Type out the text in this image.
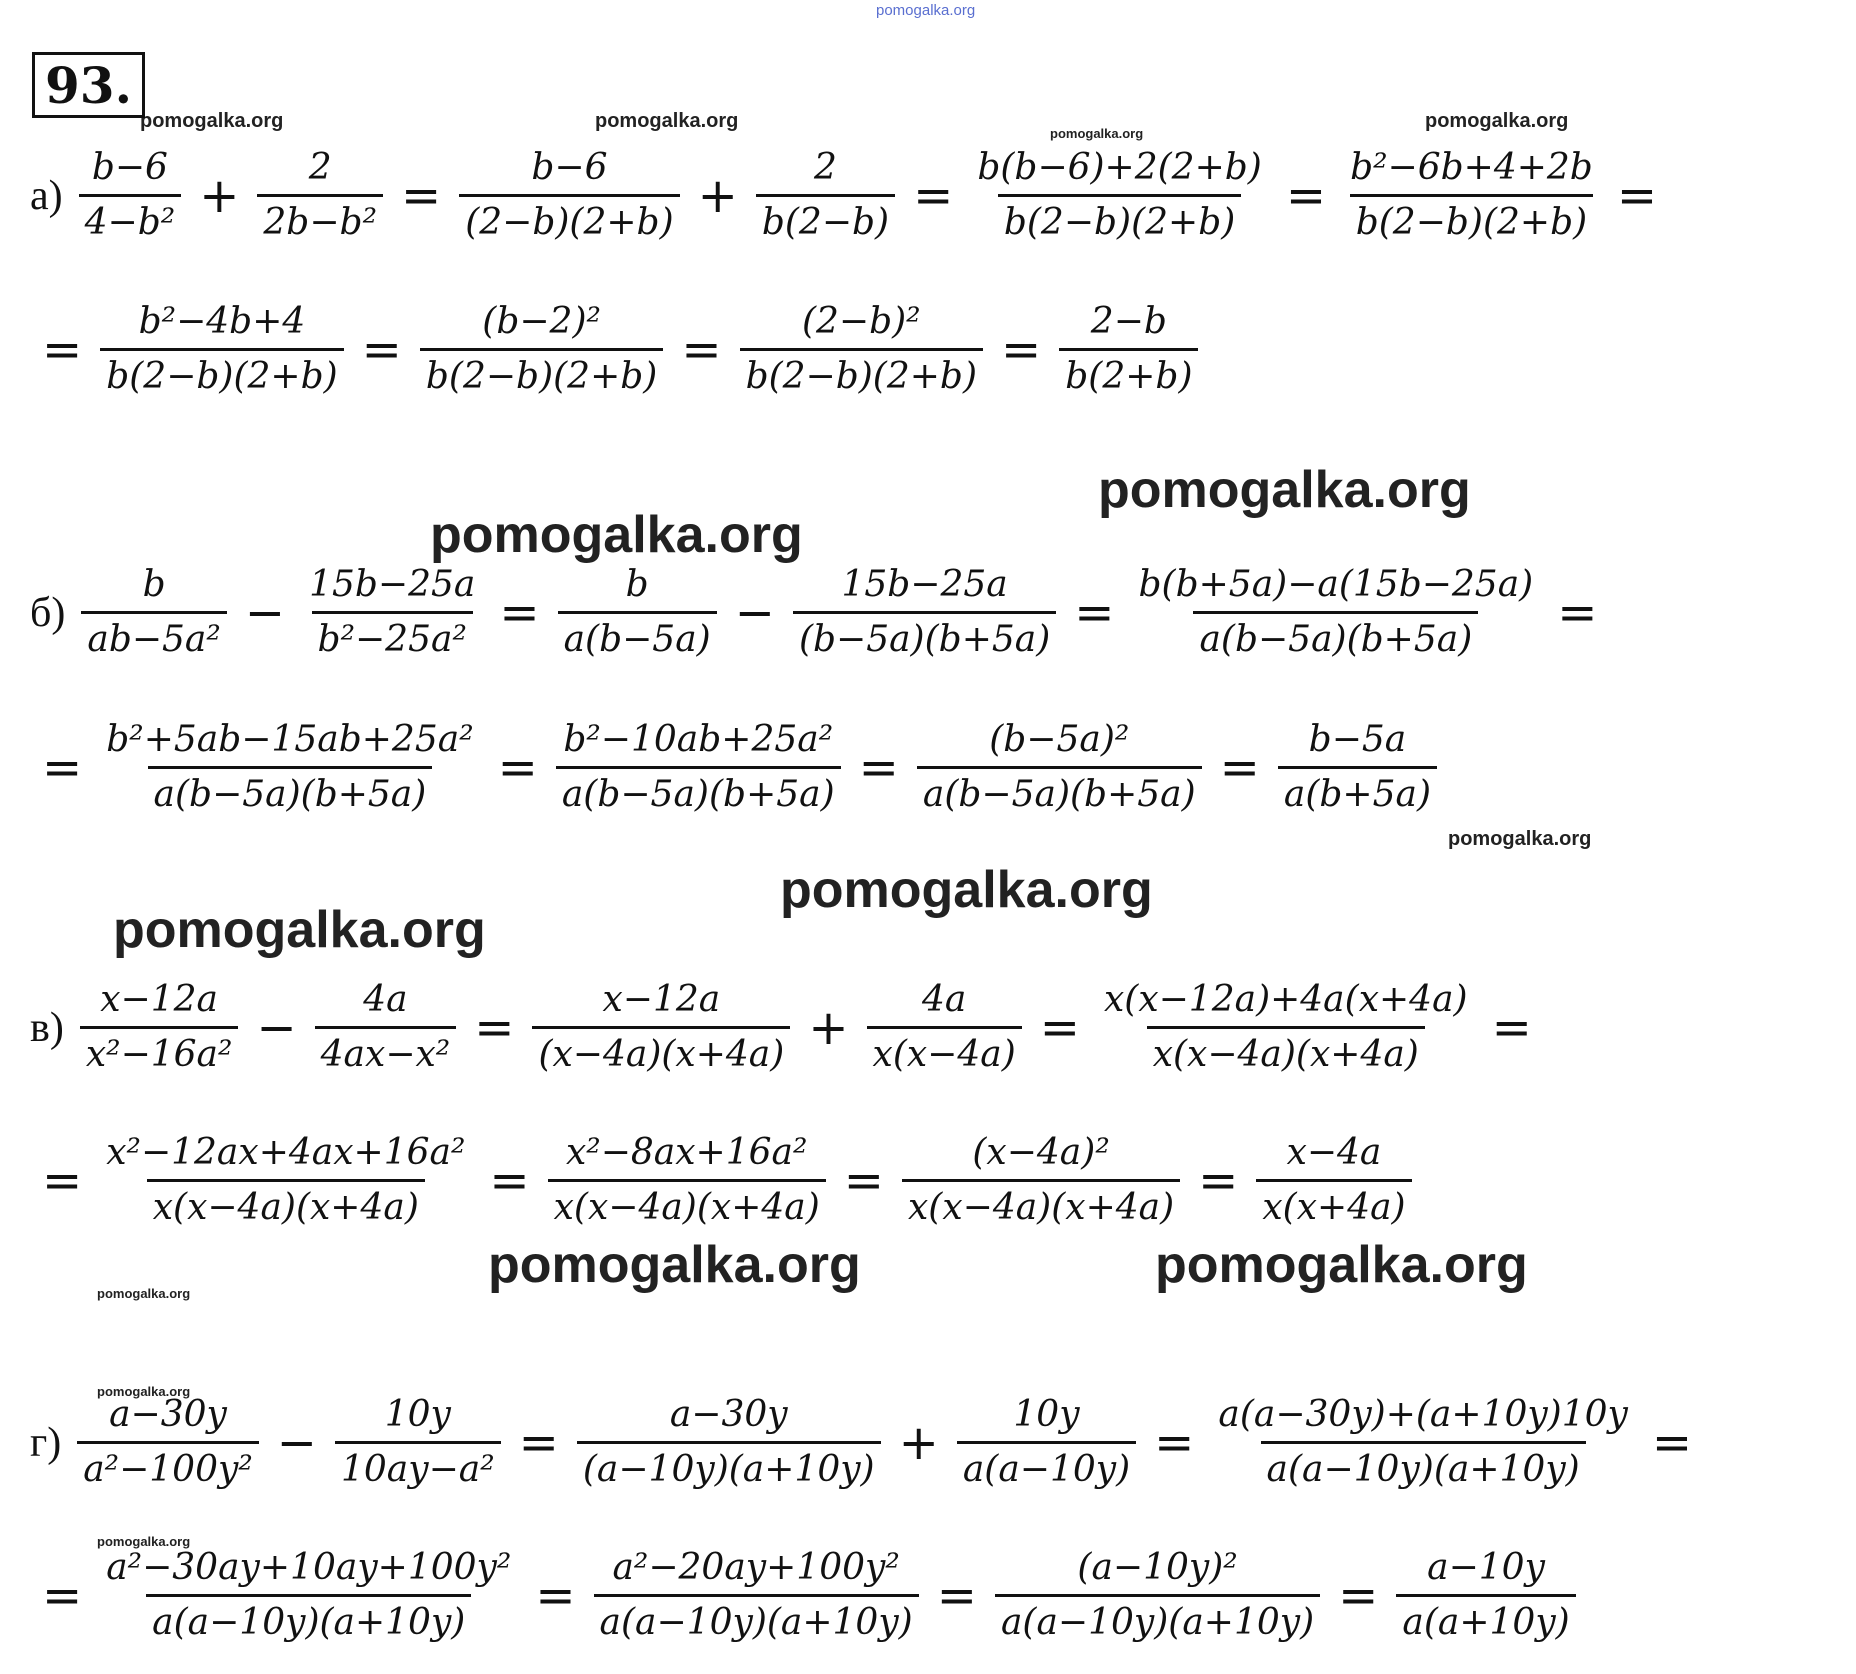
pomogalka.org
pomogalka.org	pomogalka.org
pomogalka.org
pomogalka.org
pomogalka.org
pomogalka.org
pomogalka.org
pomogalka.org
pomogalka.org
pomogalka.org	pomogalka.org
pomogalka.org
pomogalka.org
pomogalka.org
93.
$а) \frac{b-6}{\text{4−b²}} + \frac{2}{\text{2b−b²}} = \frac{b-6}{(2-b)(2+b)} + \frac{2}{b(2-b)} = \frac{b(b-6)+2(2+b)}{b(2-b)(2+b)} = \frac{\text{b²−6b+4+2b}}{b(2-b)(2+b)}$ =
= $\frac{\text{b²−4b+4}}{b(2-b)(2+b)} = \frac{\text{(b−2)²}}{b(2-b)(2+b)} = \frac{\text{(2−b)²}}{b(2-b)(2+b)} = \frac{2-b}{b(2+b)}$
$б) \frac{b}{\text{ab−5a²}} - \frac{15b-25a}{\text{b²−25a²}} = \frac{b}{a(b-5a)} - \frac{15b-25a}{(b-5a)(b+5a)} = \frac{b(b+5a)-a(15b-25a)}{a(b-5a)(b+5a)}$ =
= $\frac{\text{b²+5ab−15ab+25a²}}{a(b-5a)(b+5a)} = \frac{\text{b²−10ab+25a²}}{a(b-5a)(b+5a)} = \frac{\text{(b−5a)²}}{a(b-5a)(b+5a)} = \frac{b-5a}{a(b+5a)}$
$в) \frac{x-12a}{\text{x²−16a²}} - \frac{4a}{\text{4ax−x²}} = \frac{x-12a}{(x-4a)(x+4a)} + \frac{4a}{x(x-4a)} = \frac{x(x-12a)+4a(x+4a)}{x(x-4a)(x+4a)}$ =
= $\frac{\text{x²−12ax+4ax+16a²}}{x(x-4a)(x+4a)} = \frac{\text{x²−8ax+16a²}}{x(x-4a)(x+4a)} = \frac{\text{(x−4a)²}}{x(x-4a)(x+4a)} = \frac{x-4a}{x(x+4a)}$
$г) \frac{a-30y}{\text{a²−100y²}} - \frac{10y}{\text{10ay−a²}} = \frac{a-30y}{(a-10y)(a+10y)} + \frac{10y}{a(a-10y)} = \frac{a(a-30y)+(a+10y)10y}{a(a-10y)(a+10y)}$ =
= $\frac{\text{a²−30ay+10ay+100y²}}{a(a-10y)(a+10y)} = \frac{\text{a²−20ay+100y²}}{a(a-10y)(a+10y)} = \frac{\text{(a−10y)²}}{a(a-10y)(a+10y)} = \frac{a-10y}{a(a+10y)}$
